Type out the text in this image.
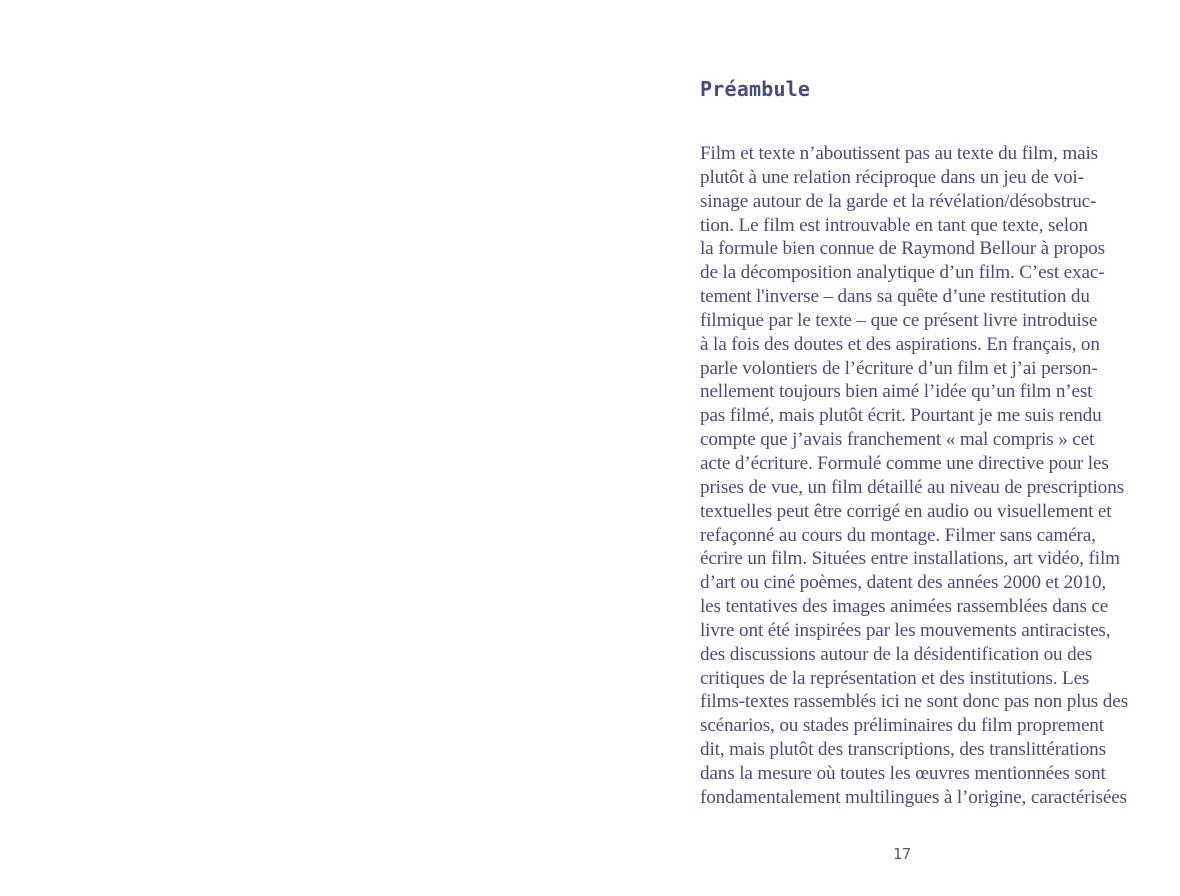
Préambule
Film et texte n’aboutissent pas au texte du film, mais
plutôt à une relation réciproque dans un jeu de voi-
sinage autour de la garde et la révélation/désobstruc-
tion. Le film est introuvable en tant que texte, selon
la formule bien connue de Raymond Bellour à propos
de la décomposition analytique d’un film. C’est exac-
tement l'inverse – dans sa quête d’une restitution du
filmique par le texte – que ce présent livre introduise
à la fois des doutes et des aspirations. En français, on
parle volontiers de l’écriture d’un film et j’ai person-
nellement toujours bien aimé l’idée qu’un film n’est
pas filmé, mais plutôt écrit. Pourtant je me suis rendu
compte que j’avais franchement « mal compris » cet
acte d’écriture. Formulé comme une directive pour les
prises de vue, un film détaillé au niveau de prescriptions
textuelles peut être corrigé en audio ou visuellement et
refaçonné au cours du montage. Filmer sans caméra,
écrire un film. Situées entre installations, art vidéo, film
d’art ou ciné poèmes, datent des années 2000 et 2010,
les tentatives des images animées rassemblées dans ce
livre ont été inspirées par les mouvements antiracistes,
des discussions autour de la désidentification ou des
critiques de la représentation et des institutions. Les
films-textes rassemblés ici ne sont donc pas non plus des
scénarios, ou stades préliminaires du film proprement
dit, mais plutôt des transcriptions, des translittérations
dans la mesure où toutes les œuvres mentionnées sont
fondamentalement multilingues à l’origine, caractérisées
17
